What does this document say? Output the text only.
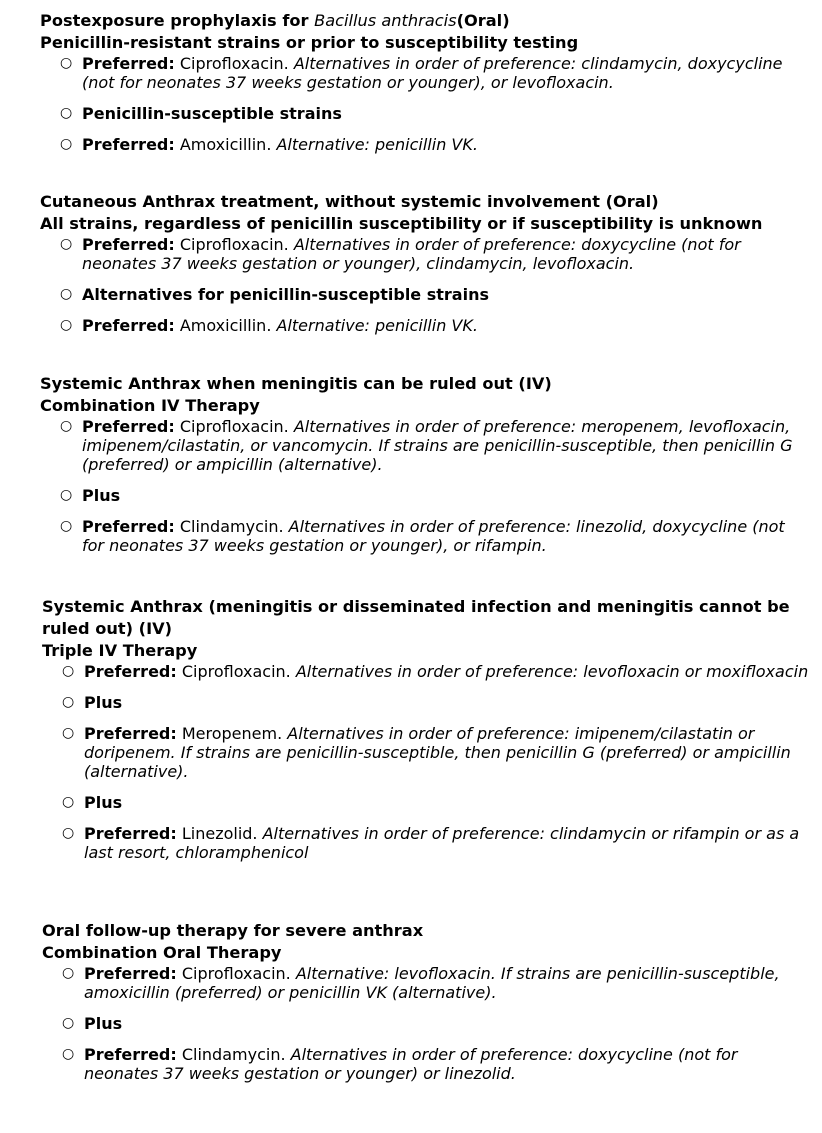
Postexposure prophylaxis for Bacillus anthracis(Oral)

Penicillin-resistant strains or prior to susceptibility testing

○ Preferred: Ciprofloxacin. Alternatives in order of preference: clindamycin, doxycycline (not for neonates 37 weeks gestation or younger), or levofloxacin.
○ Penicillin-susceptible strains
○ Preferred: Amoxicillin. Alternative: penicillin VK.

Cutaneous Anthrax treatment, without systemic involvement (Oral)

All strains, regardless of penicillin susceptibility or if susceptibility is unknown

○ Preferred: Ciprofloxacin. Alternatives in order of preference: doxycycline (not for neonates 37 weeks gestation or younger), clindamycin, levofloxacin.
○ Alternatives for penicillin-susceptible strains
○ Preferred: Amoxicillin. Alternative: penicillin VK.

Systemic Anthrax when meningitis can be ruled out (IV)

Combination IV Therapy

○ Preferred: Ciprofloxacin. Alternatives in order of preference: meropenem, levofloxacin, imipenem/cilastatin, or vancomycin. If strains are penicillin-susceptible, then penicillin G (preferred) or ampicillin (alternative).
○ Plus
○ Preferred: Clindamycin. Alternatives in order of preference: linezolid, doxycycline (not for neonates 37 weeks gestation or younger), or rifampin.

Systemic Anthrax (meningitis or disseminated infection and meningitis cannot be ruled out) (IV)

Triple IV Therapy

○ Preferred: Ciprofloxacin. Alternatives in order of preference: levofloxacin or moxifloxacin
○ Plus
○ Preferred: Meropenem. Alternatives in order of preference: imipenem/cilastatin or doripenem. If strains are penicillin-susceptible, then penicillin G (preferred) or ampicillin (alternative).
○ Plus
○ Preferred: Linezolid. Alternatives in order of preference: clindamycin or rifampin or as a last resort, chloramphenicol

Oral follow-up therapy for severe anthrax

Combination Oral Therapy

○ Preferred: Ciprofloxacin. Alternative: levofloxacin. If strains are penicillin-susceptible, amoxicillin (preferred) or penicillin VK (alternative).
○ Plus
○ Preferred: Clindamycin. Alternatives in order of preference: doxycycline (not for neonates 37 weeks gestation or younger) or linezolid.
